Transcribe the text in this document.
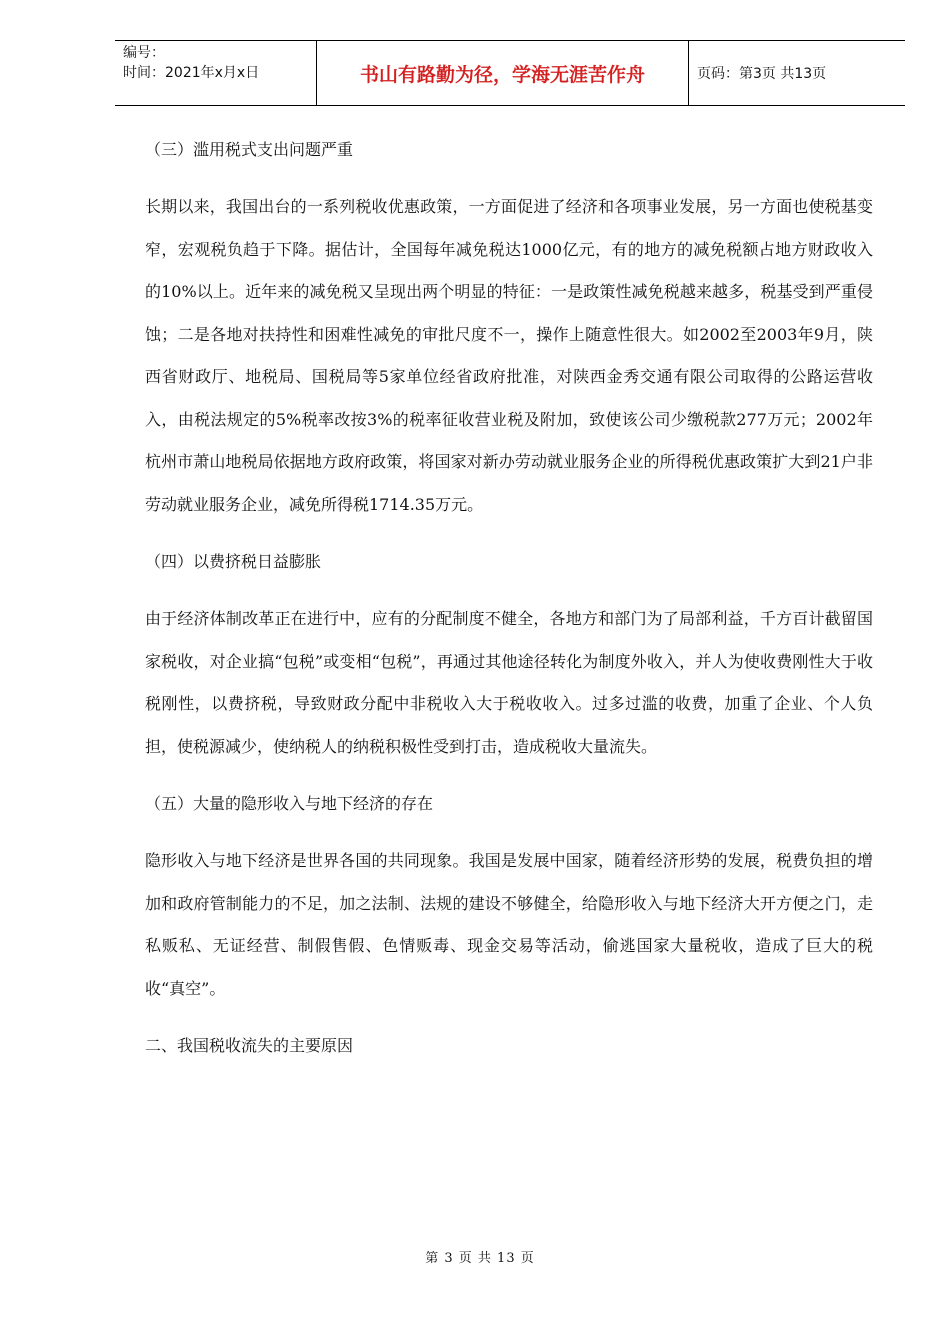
编号：
时间：2021年x月x日	书山有路勤为径，学海无涯苦作舟	页码：第3页 共13页

（三）滥用税式支出问题严重

长期以来，我国出台的一系列税收优惠政策，一方面促进了经济和各项事业发展，另一方面也使税基变窄，宏观税负趋于下降。据估计，全国每年减免税达1000亿元，有的地方的减免税额占地方财政收入的10%以上。近年来的减免税又呈现出两个明显的特征：一是政策性减免税越来越多，税基受到严重侵蚀；二是各地对扶持性和困难性减免的审批尺度不一，操作上随意性很大。如2002至2003年9月，陕西省财政厅、地税局、国税局等5家单位经省政府批准，对陕西金秀交通有限公司取得的公路运营收入，由税法规定的5%税率改按3%的税率征收营业税及附加，致使该公司少缴税款277万元；2002年杭州市萧山地税局依据地方政府政策，将国家对新办劳动就业服务企业的所得税优惠政策扩大到21户非劳动就业服务企业，减免所得税1714.35万元。

（四）以费挤税日益膨胀

由于经济体制改革正在进行中，应有的分配制度不健全，各地方和部门为了局部利益，千方百计截留国家税收，对企业搞“包税”或变相“包税”，再通过其他途径转化为制度外收入，并人为使收费刚性大于收税刚性，以费挤税，导致财政分配中非税收入大于税收收入。过多过滥的收费，加重了企业、个人负担，使税源减少，使纳税人的纳税积极性受到打击，造成税收大量流失。

（五）大量的隐形收入与地下经济的存在

隐形收入与地下经济是世界各国的共同现象。我国是发展中国家，随着经济形势的发展，税费负担的增加和政府管制能力的不足，加之法制、法规的建设不够健全，给隐形收入与地下经济大开方便之门，走私贩私、无证经营、制假售假、色情贩毒、现金交易等活动，偷逃国家大量税收，造成了巨大的税收“真空”。

二、我国税收流失的主要原因

第 3 页 共 13 页
